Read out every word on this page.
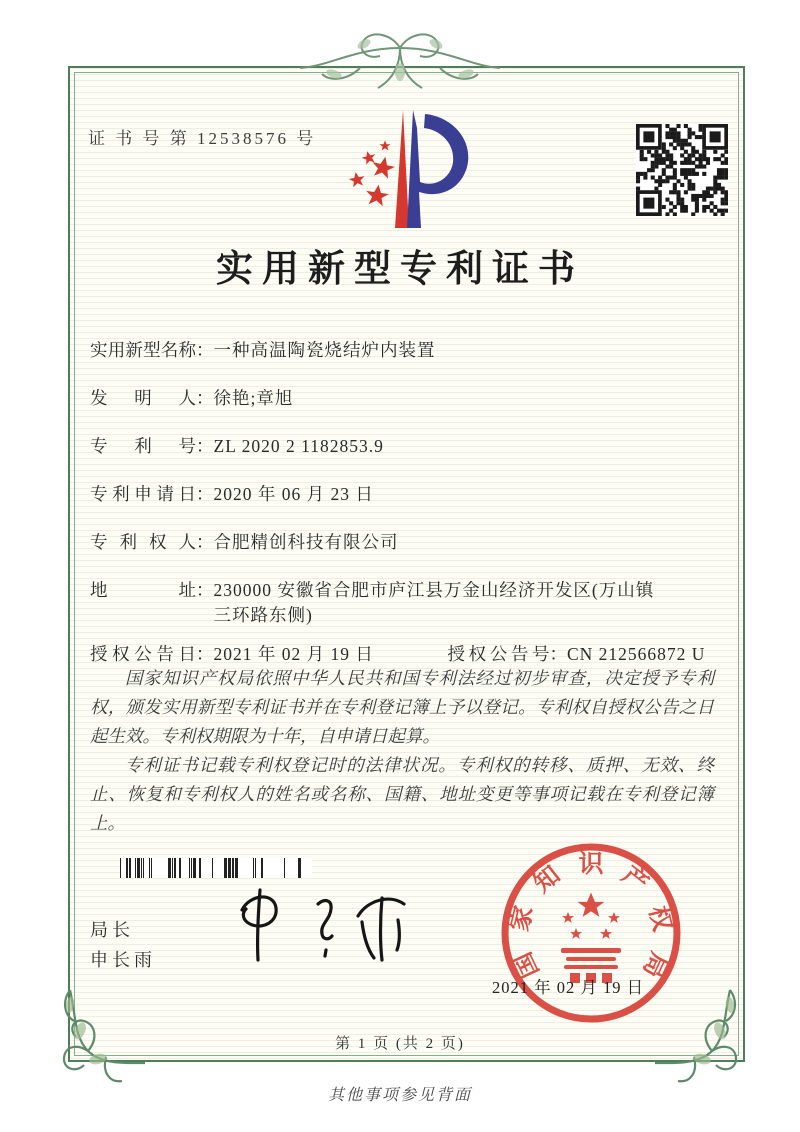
证 书 号 第 12538576 号
实用新型专利证书
实用新型名称 ： 一种高温陶瓷烧结炉内装置
发明人 ： 徐艳;章旭
专利号 ： ZL 2020 2 1182853.9
专利申请日 ： 2020 年 06 月 23 日
专利权人 ： 合肥精创科技有限公司
地址 ： 230000 安徽省合肥市庐江县万金山经济开发区(万山镇三环路东侧)
授权公告日 ： 2021 年 02 月 19 日	授权公告号 ： CN 212566872 U

国家知识产权局依照中华人民共和国专利法经过初步审查，决定授予专利权，颁发实用新型专利证书并在专利登记簿上予以登记。专利权自授权公告之日起生效。专利权期限为十年，自申请日起算。

专利证书记载专利权登记时的法律状况。专利权的转移、质押、无效、终止、恢复和专利权人的姓名或名称、国籍、地址变更等事项记载在专利登记簿上。

局长
申长雨	国
家
知 识 产
权
局
2021 年 02 月 19 日
第 1 页 (共 2 页)
其他事项参见背面
